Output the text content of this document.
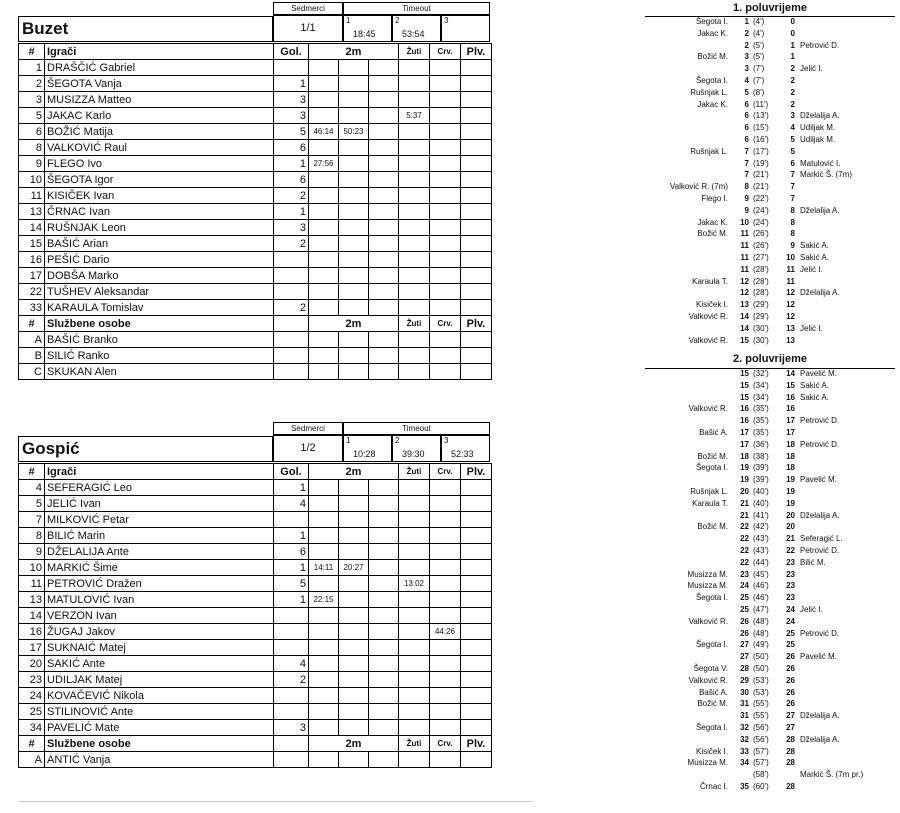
Buzet
Sedmerci	Timeout
1/1
1
18:45
2
53:54
3
#	Igrači	Gol.	2m			Žuti	Crv.	Plv.
1	DRAŠČIĆ Gabriel							
2	ŠEGOTA Vanja	1						
3	MUSIZZA Matteo	3						
5	JAKAC Karlo	3				5:37		
6	BOŽIĆ Matija	5	46:14	50:23				
8	VALKOVIĆ Raul	6						
9	FLEGO Ivo	1	27:56					
10	ŠEGOTA Igor	6						
11	KISIČEK Ivan	2						
13	ČRNAC Ivan	1						
14	RUŠNJAK Leon	3						
15	BAŠIĆ Arian	2						
16	PEŠIĆ Dario							
17	DOBŠA Marko							
22	TUŠHEV Aleksandar							
33	KARAULA Tomislav	2						
#	Službene osobe		2m			Žuti	Crv.	Plv.
A	BAŠIĆ Branko							
B	SILIĆ Ranko							
C	SKUKAN Alen							
Gospić
Sedmerci	Timeout
1/2
1
10:28
2
39:30
3
52:33
#	Igrači	Gol.	2m			Žuti	Crv.	Plv.
4	SEFERAGIĆ Leo	1						
5	JELIĆ Ivan	4						
7	MILKOVIĆ Petar							
8	BILIĆ Marin	1						
9	DŽELALIJA Ante	6						
10	MARKIĆ Šime	1	14:11	20:27				
11	PETROVIĆ Dražen	5				13:02		
13	MATULOVIĆ Ivan	1	22:15					
14	VERZON Ivan							
16	ŽUGAJ Jakov						44:26	
17	SUKNAIĆ Matej							
20	SAKIĆ Ante	4						
23	UDILJAK Matej	2						
24	KOVAČEVIĆ Nikola							
25	STILINOVIĆ Ante							
34	PAVELIĆ Mate	3						
#	Službene osobe		2m			Žuti	Crv.	Plv.
A	ANTIĆ Vanja							
1. poluvrijeme
Šegota I.	1 (4')	0
Jakac K.	2 (4')	0
2 (5')	1 Petrović D.
Božić M.	3 (5')	1
3 (7')	2 Jelić I.
Šegota I.	4 (7')	2
Rušnjak L.	5 (8')	2
Jakac K.	6 (11')	2
6 (13')	3 Dželalija A.
6 (15')	4 Udiljak M.
6 (16')	5 Udiljak M.
Rušnjak L.	7 (17')	5
7 (19')	6 Matulović I.
7 (21')	7 Markić Š. (7m)
Valković R. (7m)	8 (21')	7
Flego I.	9 (22')	7
9 (24')	8 Dželalija A.
Jakac K.	10 (24')	8
Božić M.	11 (26')	8
11 (26')	9 Sakić A.
11 (27')	10 Sakić A.
11 (28')	11 Jelić I.
Karaula T.	12 (28')	11
12 (28')	12 Dželalija A.
Kisiček I.	13 (29')	12
Valković R.	14 (29')	12
14 (30')	13 Jelić I.
Valković R.	15 (30')	13
2. poluvrijeme
15 (32')	14 Pavelić M.
15 (34')	15 Sakić A.
15 (34')	16 Sakić A.
Valković R.	16 (35')	16
16 (35')	17 Petrović D.
Bašić A.	17 (35')	17
17 (36')	18 Petrović D.
Božić M.	18 (38')	18
Šegota I.	19 (39')	18
19 (39')	19 Pavelić M.
Rušnjak L.	20 (40')	19
Karaula T.	21 (40')	19
21 (41')	20 Dželalija A.
Božić M.	22 (42')	20
22 (43')	21 Seferagić L.
22 (43')	22 Petrović D.
22 (44')	23 Bilić M.
Musizza M.	23 (45')	23
Musizza M.	24 (46')	23
Šegota I.	25 (46')	23
25 (47')	24 Jelić I.
Valković R.	26 (48')	24
26 (48')	25 Petrović D.
Šegota I.	27 (49')	25
27 (50')	26 Pavelić M.
Šegota V.	28 (50')	26
Valković R.	29 (53')	26
Bašić A.	30 (53')	26
Božić M.	31 (55')	26
31 (55')	27 Dželalija A.
Šegota I.	32 (56')	27
32 (56')	28 Dželalija A.
Kisiček I.	33 (57')	28
Musizza M.	34 (57')	28
(58')	Markić Š. (7m pr.)
Črnac I.	35 (60')	28
